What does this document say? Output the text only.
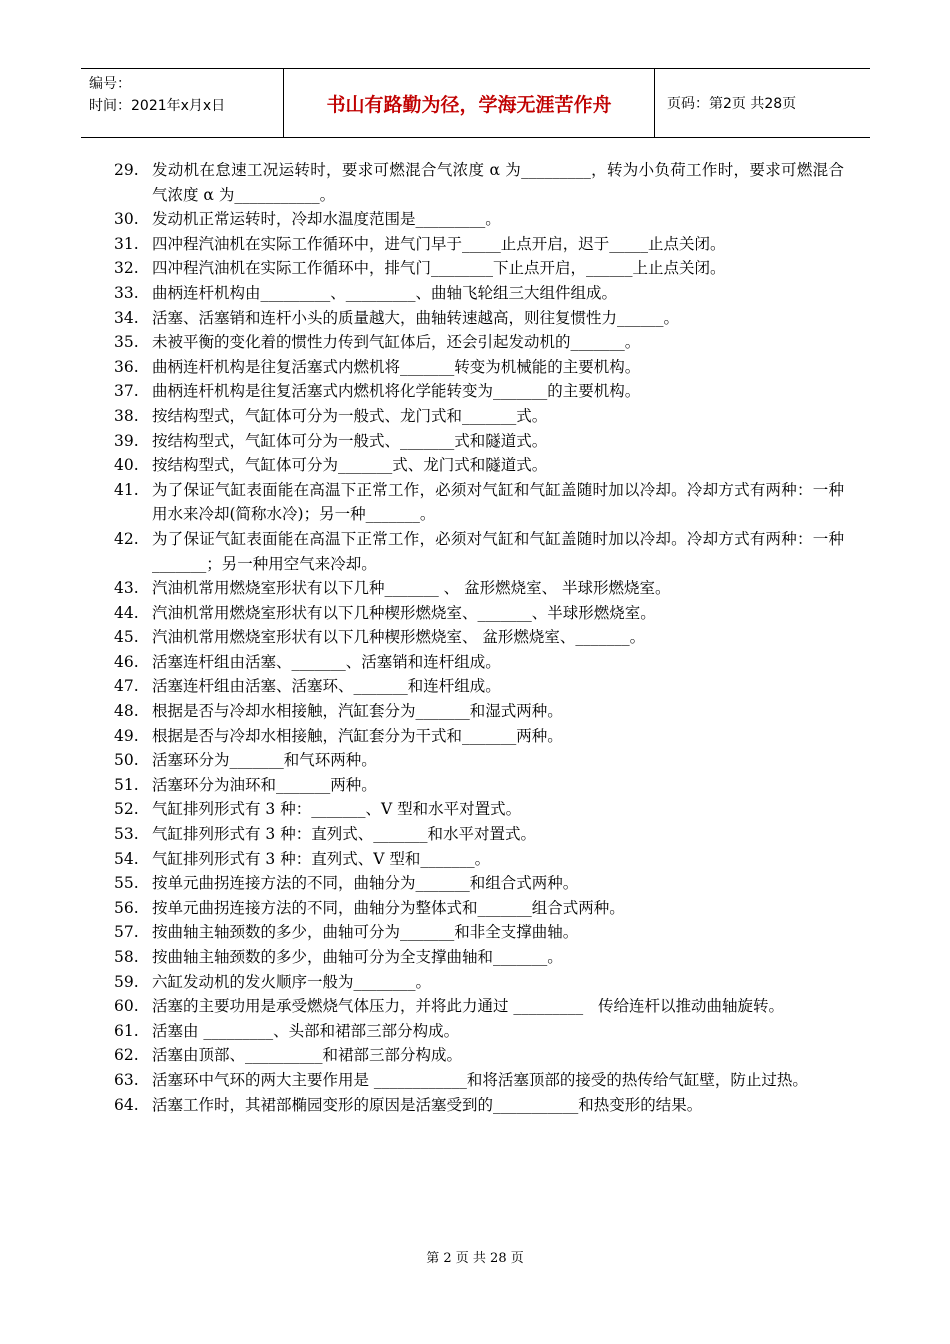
编号：
时间：2021年x月x日	书山有路勤为径，学海无涯苦作舟	页码：第2页 共28页
29. 发动机在怠速工况运转时，要求可燃混合气浓度 α 为_________，转为小负荷工作时，要求可燃混合气浓度 α 为___________。
30. 发动机正常运转时，冷却水温度范围是_________。
31. 四冲程汽油机在实际工作循环中，进气门早于_____止点开启，迟于_____止点关闭。
32. 四冲程汽油机在实际工作循环中，排气门________下止点开启，______上止点关闭。
33. 曲柄连杆机构由_________、_________、曲轴飞轮组三大组件组成。
34. 活塞、活塞销和连杆小头的质量越大，曲轴转速越高，则往复惯性力______。
35. 未被平衡的变化着的惯性力传到气缸体后，还会引起发动机的_______。
36. 曲柄连杆机构是往复活塞式内燃机将_______转变为机械能的主要机构。
37. 曲柄连杆机构是往复活塞式内燃机将化学能转变为_______的主要机构。
38. 按结构型式，气缸体可分为一般式、龙门式和_______式。
39. 按结构型式，气缸体可分为一般式、_______式和隧道式。
40. 按结构型式，气缸体可分为_______式、龙门式和隧道式。
41. 为了保证气缸表面能在高温下正常工作，必须对气缸和气缸盖随时加以冷却。冷却方式有两种：一种用水来冷却(简称水冷)；另一种_______。
42. 为了保证气缸表面能在高温下正常工作，必须对气缸和气缸盖随时加以冷却。冷却方式有两种：一种_______；另一种用空气来冷却。
43. 汽油机常用燃烧室形状有以下几种_______ 、 盆形燃烧室、 半球形燃烧室。
44. 汽油机常用燃烧室形状有以下几种楔形燃烧室、_______、半球形燃烧室。
45. 汽油机常用燃烧室形状有以下几种楔形燃烧室、 盆形燃烧室、_______。
46. 活塞连杆组由活塞、_______、活塞销和连杆组成。
47. 活塞连杆组由活塞、活塞环、_______和连杆组成。
48. 根据是否与冷却水相接触，汽缸套分为_______和湿式两种。
49. 根据是否与冷却水相接触，汽缸套分为干式和_______两种。
50. 活塞环分为_______和气环两种。
51. 活塞环分为油环和_______两种。
52. 气缸排列形式有 3 种：_______、V 型和水平对置式。
53. 气缸排列形式有 3 种：直列式、_______和水平对置式。
54. 气缸排列形式有 3 种：直列式、V 型和_______。
55. 按单元曲拐连接方法的不同，曲轴分为_______和组合式两种。
56. 按单元曲拐连接方法的不同，曲轴分为整体式和_______组合式两种。
57. 按曲轴主轴颈数的多少，曲轴可分为_______和非全支撑曲轴。
58. 按曲轴主轴颈数的多少，曲轴可分为全支撑曲轴和_______。
59. 六缸发动机的发火顺序一般为________。
60. 活塞的主要功用是承受燃烧气体压力，并将此力通过 _________   传给连杆以推动曲轴旋转。
61. 活塞由 _________、头部和裙部三部分构成。
62. 活塞由顶部、__________和裙部三部分构成。
63. 活塞环中气环的两大主要作用是 ____________和将活塞顶部的接受的热传给气缸壁，防止过热。
64. 活塞工作时，其裙部椭园变形的原因是活塞受到的___________和热变形的结果。
第 2 页 共 28 页
